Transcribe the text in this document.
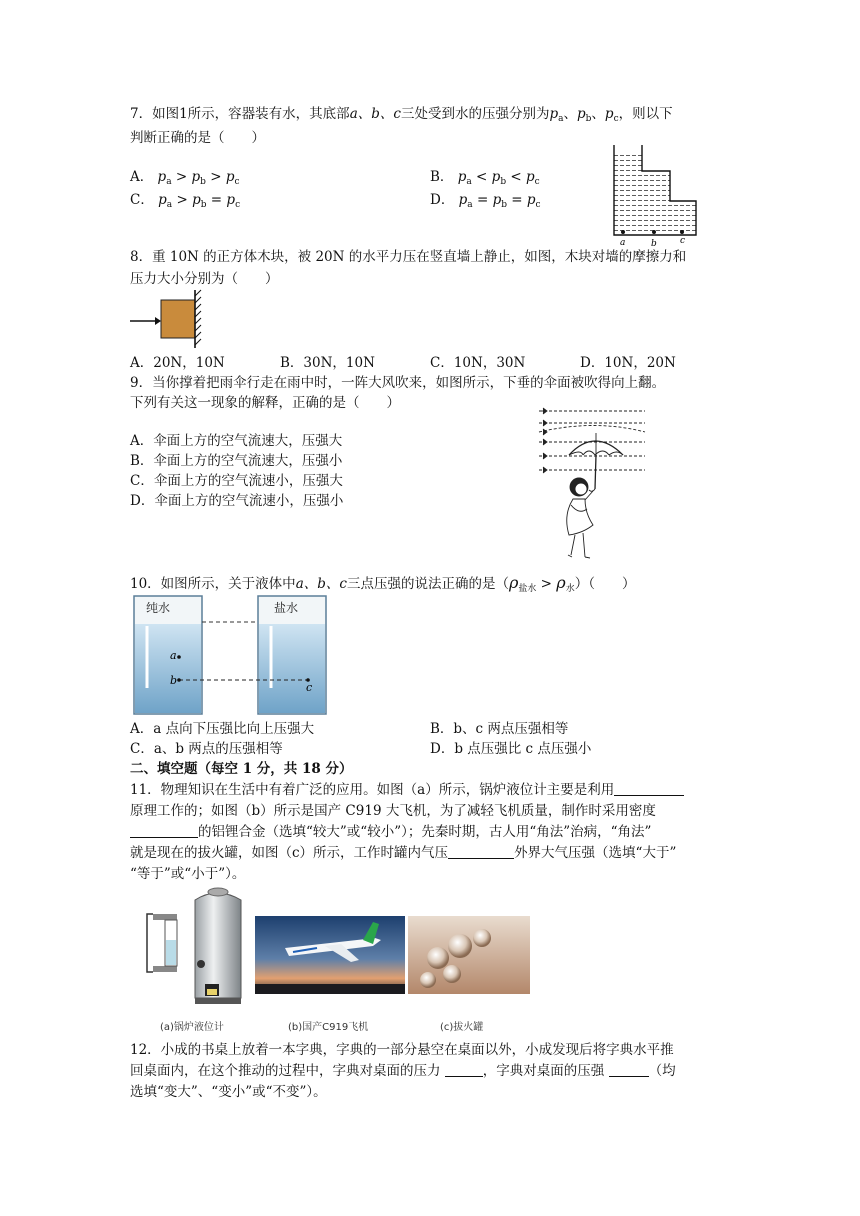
7．如图1所示，容器装有水，其底部a、b、c三处受到水的压强分别为$p_a$、$p_b$、$p_c$，则以下
判断正确的是（　　）
A． $p_a > p_b > p_c$	B． $p_a < p_b < p_c$
C． $p_a > p_b = p_c$	D． $p_a = p_b = p_c$
a	b	c
8．重 10N 的正方体木块，被 20N 的水平力压在竖直墙上静止，如图，木块对墙的摩擦力和
压力大小分别为（　　）
A．20N，10N	B．30N，10N	C．10N，30N	D．10N，20N
9．当你撑着把雨伞行走在雨中时，一阵大风吹来，如图所示，下垂的伞面被吹得向上翻。
下列有关这一现象的解释，正确的是（　　）
A．伞面上方的空气流速大，压强大
B．伞面上方的空气流速大，压强小
C．伞面上方的空气流速小，压强大
D．伞面上方的空气流速小，压强小
10．如图所示，关于液体中a、b、c三点压强的说法正确的是$(\rho_{盐水} > \rho_水)$（　　）
纯水	盐水
a
b
c
A．a 点向下压强比向上压强大	B．b、c 两点压强相等
C．a、b 两点的压强相等	D．b 点压强比 c 点压强小
二、填空题（每空 1 分，共 18 分）
11．物理知识在生活中有着广泛的应用。如图（a）所示，锅炉液位计主要是利用
原理工作的；如图（b）所示是国产 C919 大飞机，为了减轻飞机质量，制作时采用密度
的铝锂合金（选填“较大”或“较小”）；先秦时期，古人用“角法”治病，“角法”
就是现在的拔火罐，如图（c）所示，工作时罐内气压	外界大气压强（选填“大于”
“等于”或“小于”）。
(a)锅炉液位计	(b)国产C919飞机	(c)拔火罐
12．小成的书桌上放着一本字典，字典的一部分悬空在桌面以外，小成发现后将字典水平推
回桌面内，在这个推动的过程中，字典对桌面的压力	，字典对桌面的压强	（均
选填“变大”、“变小”或“不变”）。
